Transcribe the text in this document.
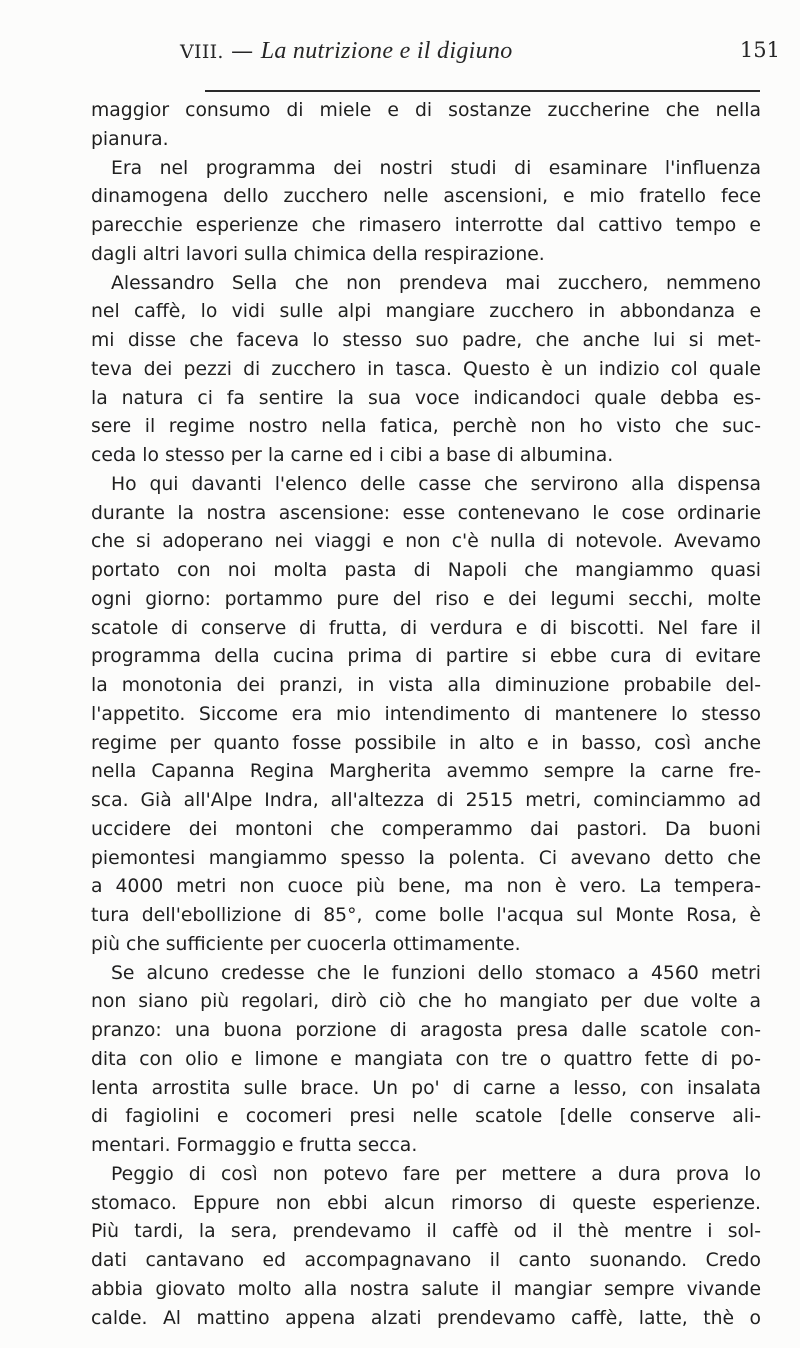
VIII. — La nutrizione e il digiuno	151
maggior consumo di miele e di sostanze zuccherine che nella
pianura.
Era nel programma dei nostri studi di esaminare l'influenza
dinamogena dello zucchero nelle ascensioni, e mio fratello fece
parecchie esperienze che rimasero interrotte dal cattivo tempo e
dagli altri lavori sulla chimica della respirazione.
Alessandro Sella che non prendeva mai zucchero, nemmeno
nel caffè, lo vidi sulle alpi mangiare zucchero in abbondanza e
mi disse che faceva lo stesso suo padre, che anche lui si met-
teva dei pezzi di zucchero in tasca. Questo è un indizio col quale
la natura ci fa sentire la sua voce indicandoci quale debba es-
sere il regime nostro nella fatica, perchè non ho visto che suc-
ceda lo stesso per la carne ed i cibi a base di albumina.
Ho qui davanti l'elenco delle casse che servirono alla dispensa
durante la nostra ascensione: esse contenevano le cose ordinarie
che si adoperano nei viaggi e non c'è nulla di notevole. Avevamo
portato con noi molta pasta di Napoli che mangiammo quasi
ogni giorno: portammo pure del riso e dei legumi secchi, molte
scatole di conserve di frutta, di verdura e di biscotti. Nel fare il
programma della cucina prima di partire si ebbe cura di evitare
la monotonia dei pranzi, in vista alla diminuzione probabile del-
l'appetito. Siccome era mio intendimento di mantenere lo stesso
regime per quanto fosse possibile in alto e in basso, così anche
nella Capanna Regina Margherita avemmo sempre la carne fre-
sca. Già all'Alpe Indra, all'altezza di 2515 metri, cominciammo ad
uccidere dei montoni che comperammo dai pastori. Da buoni
piemontesi mangiammo spesso la polenta. Ci avevano detto che
a 4000 metri non cuoce più bene, ma non è vero. La tempera-
tura dell'ebollizione di 85°, come bolle l'acqua sul Monte Rosa, è
più che sufficiente per cuocerla ottimamente.
Se alcuno credesse che le funzioni dello stomaco a 4560 metri
non siano più regolari, dirò ciò che ho mangiato per due volte a
pranzo: una buona porzione di aragosta presa dalle scatole con-
dita con olio e limone e mangiata con tre o quattro fette di po-
lenta arrostita sulle brace. Un po' di carne a lesso, con insalata
di fagiolini e cocomeri presi nelle scatole [delle conserve ali-
mentari. Formaggio e frutta secca.
Peggio di così non potevo fare per mettere a dura prova lo
stomaco. Eppure non ebbi alcun rimorso di queste esperienze.
Più tardi, la sera, prendevamo il caffè od il thè mentre i sol-
dati cantavano ed accompagnavano il canto suonando. Credo
abbia giovato molto alla nostra salute il mangiar sempre vivande
calde. Al mattino appena alzati prendevamo caffè, latte, thè o
